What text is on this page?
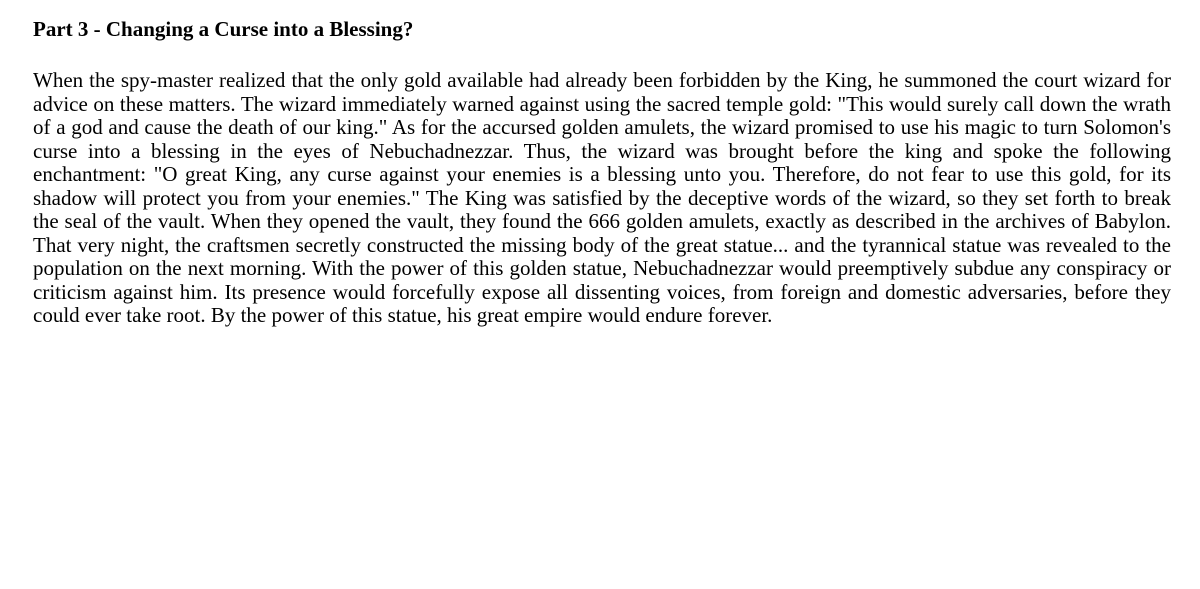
Part 3 - Changing a Curse into a Blessing?

When the spy-master realized that the only gold available had already been forbidden by the King, he summoned the court wizard for advice on these matters. The wizard immediately warned against using the sacred temple gold: "This would surely call down the wrath of a god and cause the death of our king." As for the accursed golden amulets, the wizard promised to use his magic to turn Solomon's curse into a blessing in the eyes of Nebuchadnezzar. Thus, the wizard was brought before the king and spoke the following enchantment: "O great King, any curse against your enemies is a blessing unto you. Therefore, do not fear to use this gold, for its shadow will protect you from your enemies." The King was satisfied by the deceptive words of the wizard, so they set forth to break the seal of the vault. When they opened the vault, they found the 666 golden amulets, exactly as described in the archives of Babylon. That very night, the craftsmen secretly constructed the missing body of the great statue... and the tyrannical statue was revealed to the population on the next morning. With the power of this golden statue, Nebuchadnezzar would preemptively subdue any conspiracy or criticism against him. Its presence would forcefully expose all dissenting voices, from foreign and domestic adversaries, before they could ever take root. By the power of this statue, his great empire would endure forever.
